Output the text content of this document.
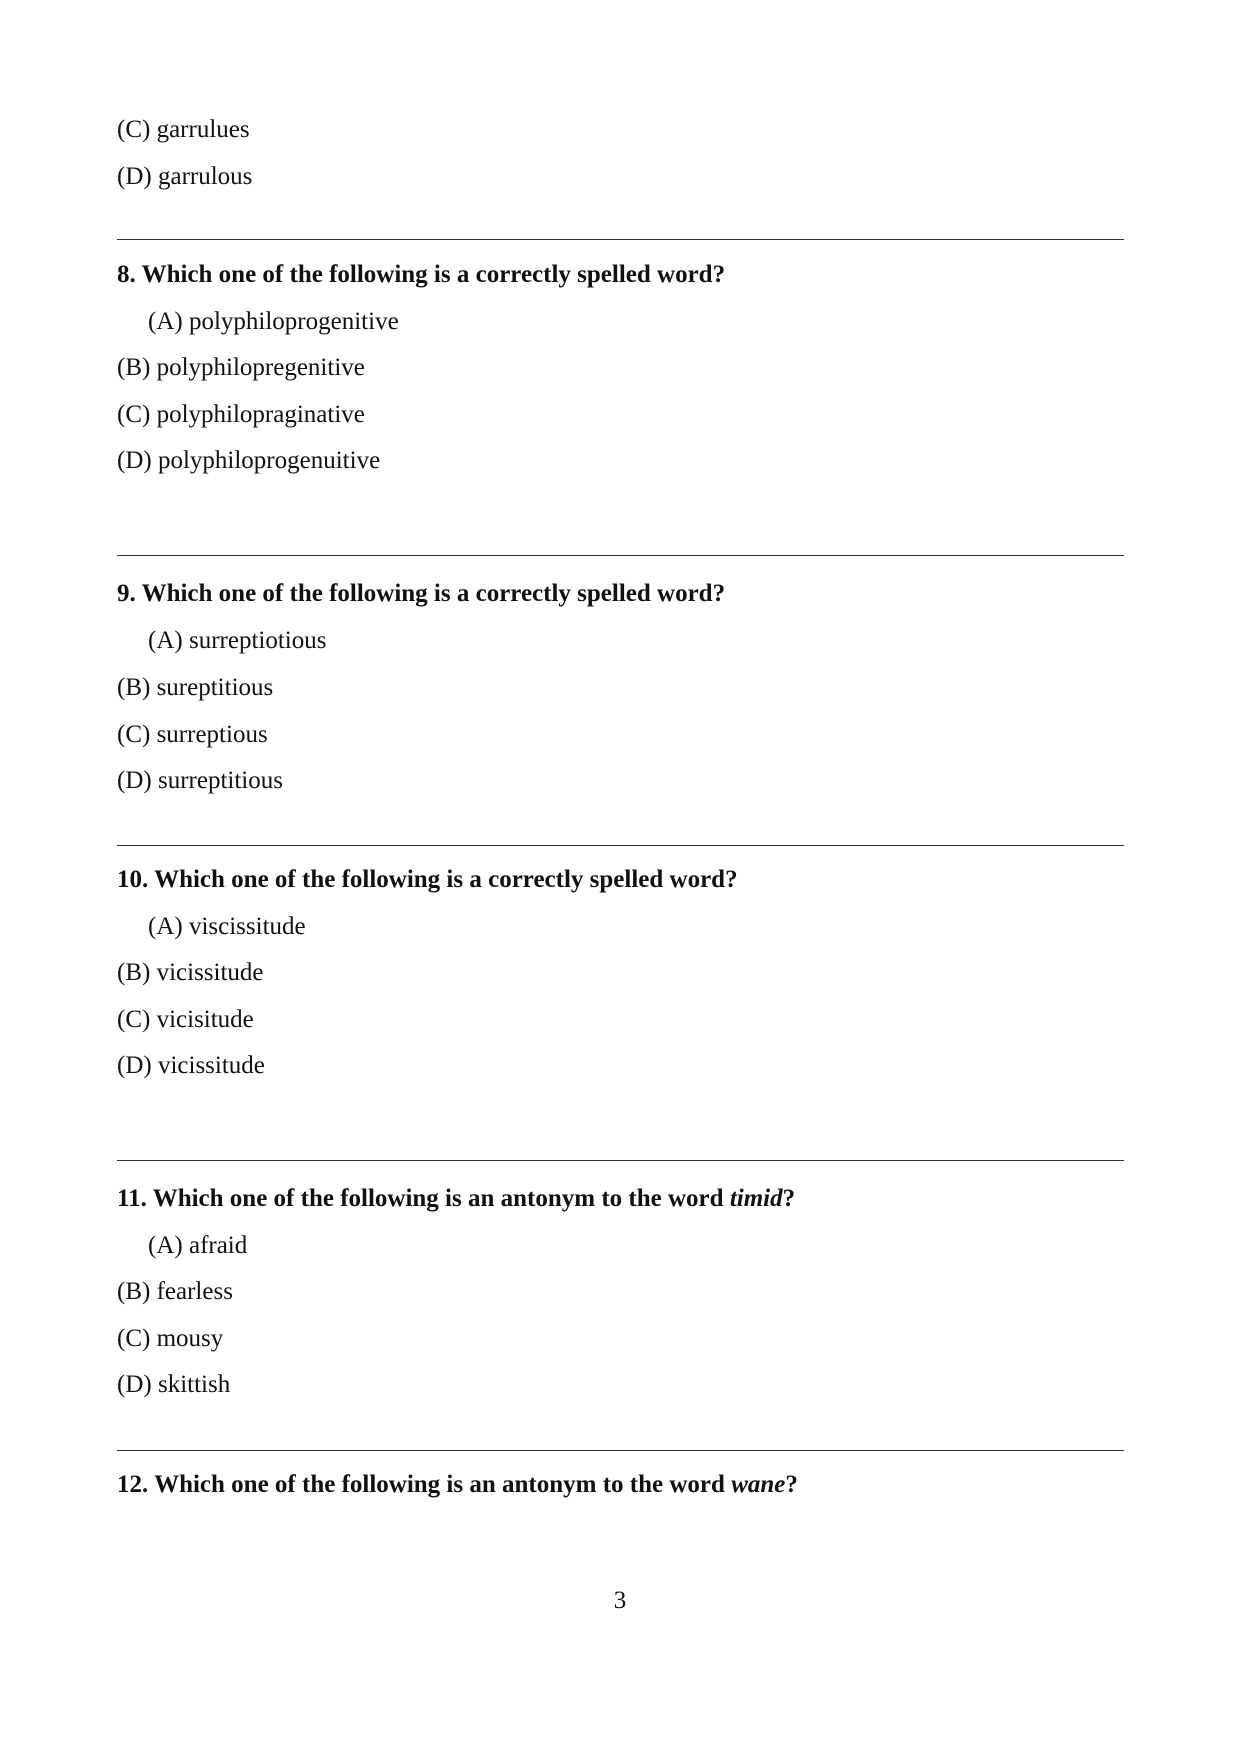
(C) garrulues
(D) garrulous
8. Which one of the following is a correctly spelled word?
(A) polyphiloprogenitive
(B) polyphilopregenitive
(C) polyphilopraginative
(D) polyphiloprogenuitive
9. Which one of the following is a correctly spelled word?
(A) surreptiotious
(B) sureptitious
(C) surreptious
(D) surreptitious
10. Which one of the following is a correctly spelled word?
(A) viscissitude
(B) vicissitude
(C) vicisitude
(D) vicissitude
11. Which one of the following is an antonym to the word timid?
(A) afraid
(B) fearless
(C) mousy
(D) skittish
12. Which one of the following is an antonym to the word wane?
3
